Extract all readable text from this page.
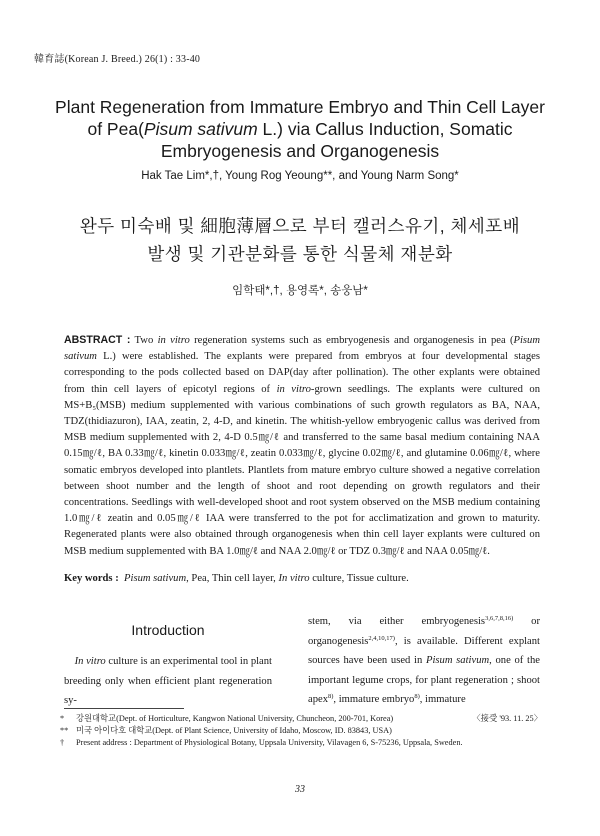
韓育誌(Korean J. Breed.) 26(1) : 33-40
Plant Regeneration from Immature Embryo and Thin Cell Layer
of Pea(Pisum sativum L.) via Callus Induction, Somatic
Embryogenesis and Organogenesis
Hak Tae Lim*,†, Young Rog Yeoung**, and Young Narm Song*
완두 미숙배 및 細胞薄層으로 부터 캘러스유기, 체세포배
발생 및 기관분화를 통한 식물체 재분화
임학태*,†, 용영록*, 송웅남*
ABSTRACT : Two in vitro regeneration systems such as embryogenesis and organogenesis in pea (Pisum sativum L.) were established. The explants were prepared from embryos at four developmental stages corresponding to the pods collected based on DAP(day after pollination). The other explants were obtained from thin cell layers of epicotyl regions of in vitro-grown seedlings. The explants were cultured on MS+B₅(MSB) medium supplemented with various combinations of such growth regulators as BA, NAA, TDZ(thidiazuron), IAA, zeatin, 2, 4-D, and kinetin. The whitish-yellow embryogenic callus was derived from MSB medium supplemented with 2, 4-D 0.5㎎/ℓ and transferred to the same basal medium containing NAA 0.15㎎/ℓ, BA 0.33㎎/ℓ, kinetin 0.033㎎/ℓ, zeatin 0.033㎎/ℓ, glycine 0.02㎎/ℓ, and glutamine 0.06㎎/ℓ, where somatic embryos developed into plantlets. Plantlets from mature embryo culture showed a negative correlation between shoot number and the length of shoot and root depending on growth regulators and their concentrations. Seedlings with well-developed shoot and root system observed on the MSB medium containing 1.0㎎/ℓ zeatin and 0.05㎎/ℓ IAA were transferred to the pot for acclimatization and grown to maturity. Regenerated plants were also obtained through organogenesis when thin cell layer explants were cultured on MSB medium supplemented with BA 1.0㎎/ℓ and NAA 2.0㎎/ℓ or TDZ 0.3㎎/ℓ and NAA 0.05㎎/ℓ.
Key words : Pisum sativum, Pea, Thin cell layer, In vitro culture, Tissue culture.
Introduction

In vitro culture is an experimental tool in plant breeding only when efficient plant regeneration sy-

stem, via either embryogenesis$^{3,6,7,8,16)}$ or organogenesis$^{2,4,10,17)}$, is available. Different explant sources have been used in Pisum sativum, one of the important legume crops, for plant regeneration ; shoot apex$^{8)}$, immature embryo$^{8)}$, immature

* 강원대학교(Dept. of Horticulture, Kangwon National University, Chuncheon, 200-701, Korea)	〈接受 '93. 11. 25〉
** 미국 아이다호 대학교(Dept. of Plant Science, University of Idaho, Moscow, ID. 83843, USA)
† Present address : Department of Physiological Botany, Uppsala University, Vilavagen 6, S-75236, Uppsala, Sweden.
33
